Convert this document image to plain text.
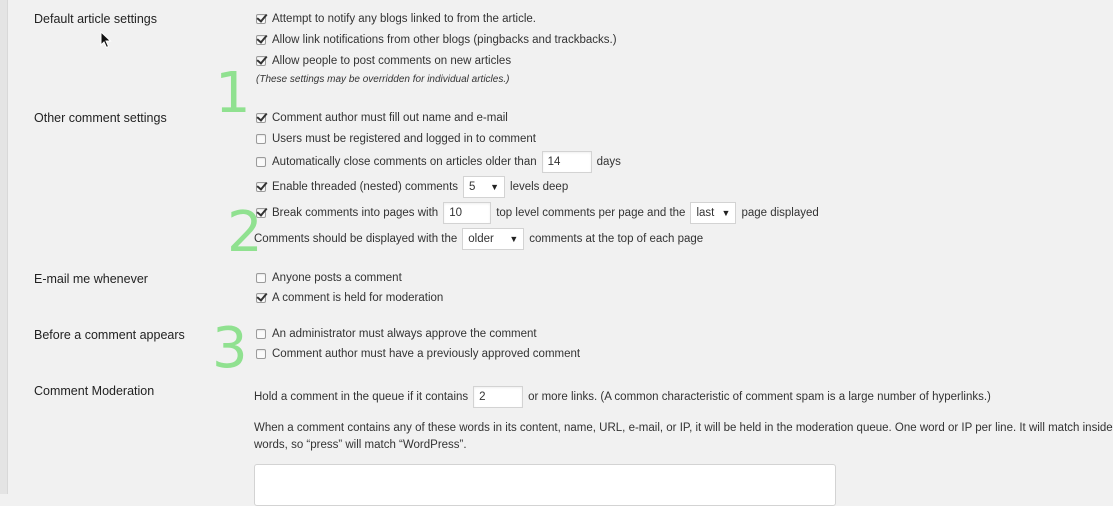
Default article settings	Attempt to notify any blogs linked to from the article.
Allow link notifications from other blogs (pingbacks and trackbacks.)
Allow people to post comments on new articles
(These settings may be overridden for individual articles.)
1
Other comment settings	Comment author must fill out name and e-mail
Users must be registered and logged in to comment
Automatically close comments on articles older than 14	days
Enable threaded (nested) comments 5 ▼ levels deep
Break comments into pages with 10	top level comments per page and the last ▼ page displayed
Comments should be displayed with the older ▼ comments at the top of each page
2
E-mail me whenever	Anyone posts a comment
A comment is held for moderation
Before a comment appears	An administrator must always approve the comment
Comment author must have a previously approved comment
3
Comment Moderation	Hold a comment in the queue if it contains 2	or more links. (A common characteristic of comment spam is a large number of hyperlinks.)
When a comment contains any of these words in its content, name, URL, e-mail, or IP, it will be held in the moderation queue. One word or IP per line. It will match inside
words, so “press” will match “WordPress”.
